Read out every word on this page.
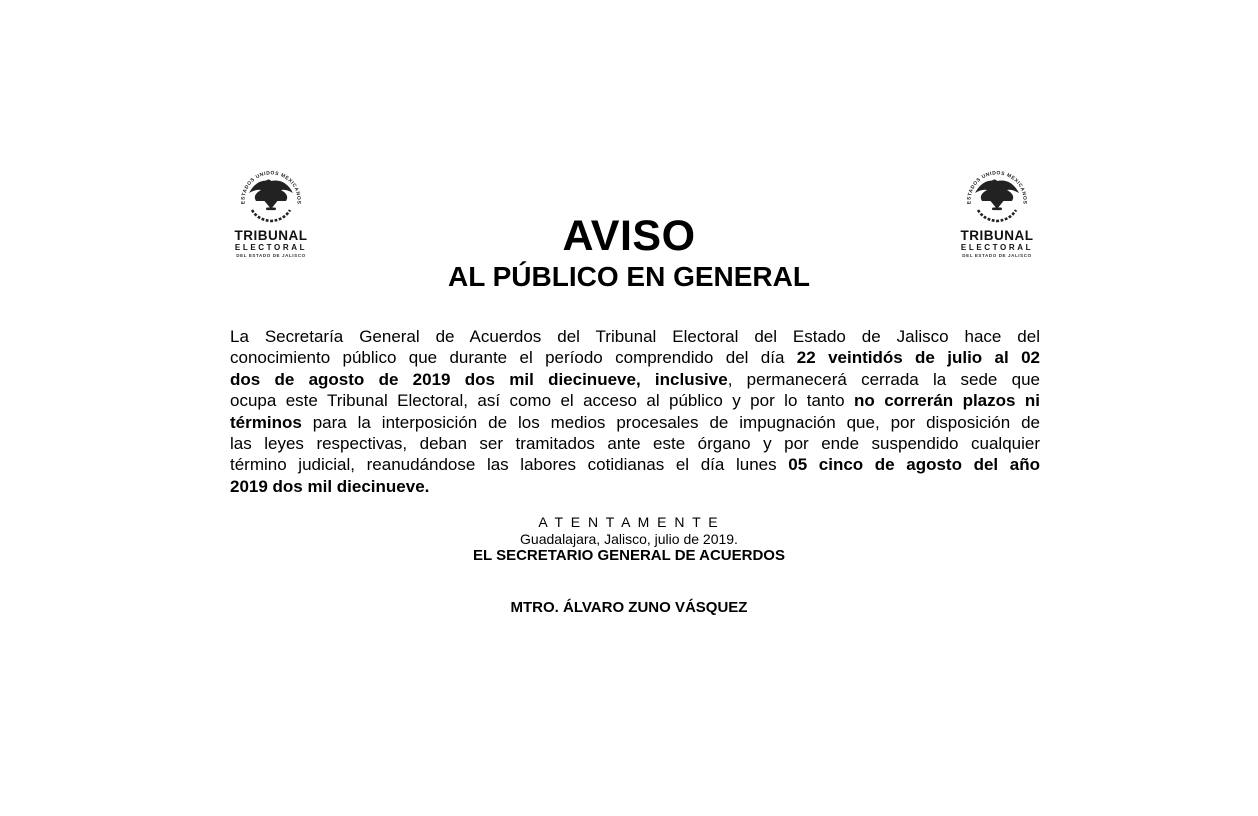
ESTADOS UNIDOS MEXICANOS
TRIBUNAL
ELECTORAL
DEL ESTADO DE JALISCO
ESTADOS UNIDOS MEXICANOS
TRIBUNAL
ELECTORAL
DEL ESTADO DE JALISCO
AVISO
AL PÚBLICO EN GENERAL
La Secretaría General de Acuerdos del Tribunal Electoral del Estado de Jalisco hace del
conocimiento público que durante el período comprendido del día 22 veintidós de julio al 02
dos de agosto de 2019 dos mil diecinueve, inclusive, permanecerá cerrada la sede que
ocupa este Tribunal Electoral, así como el acceso al público y por lo tanto no correrán plazos ni
términos para la interposición de los medios procesales de impugnación que, por disposición de
las leyes respectivas, deban ser tramitados ante este órgano y por ende suspendido cualquier
término judicial, reanudándose las labores cotidianas el día lunes 05 cinco de agosto del año
2019 dos mil diecinueve.
A T E N T A M E N T E
Guadalajara, Jalisco, julio de 2019.
EL SECRETARIO GENERAL DE ACUERDOS
MTRO. ÁLVARO ZUNO VÁSQUEZ
